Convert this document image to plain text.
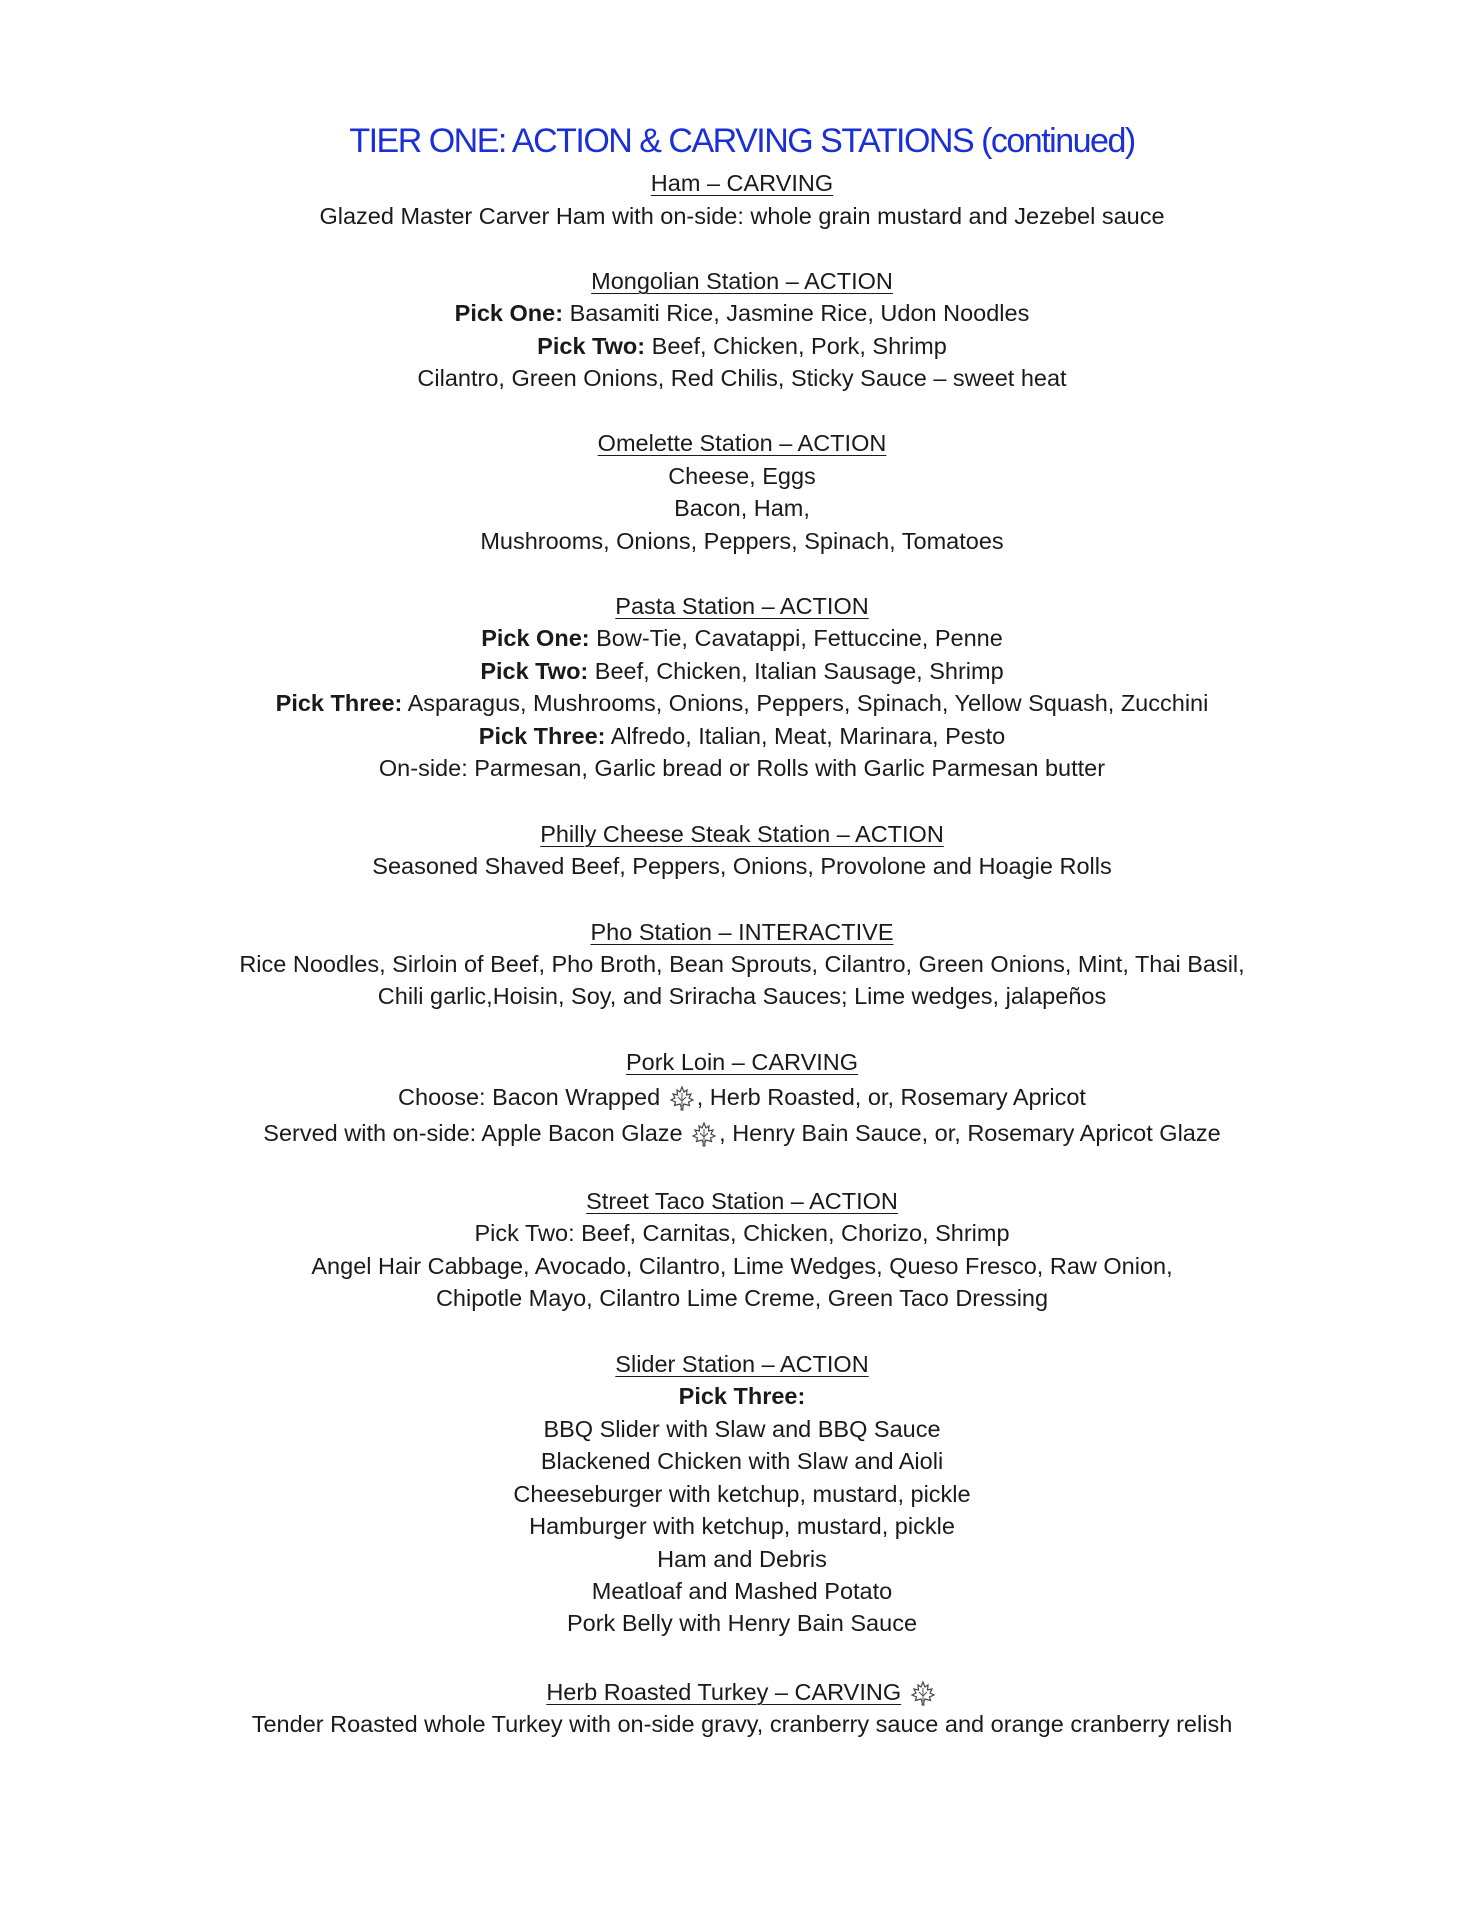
TIER ONE: ACTION & CARVING STATIONS (continued)
Ham – CARVING
Glazed Master Carver Ham with on-side: whole grain mustard and Jezebel sauce
Mongolian Station – ACTION
Pick One: Basamiti Rice, Jasmine Rice, Udon Noodles
Pick Two: Beef, Chicken, Pork, Shrimp
Cilantro, Green Onions, Red Chilis, Sticky Sauce – sweet heat
Omelette Station – ACTION
Cheese, Eggs
Bacon, Ham,
Mushrooms, Onions, Peppers, Spinach, Tomatoes
Pasta Station – ACTION
Pick One: Bow-Tie, Cavatappi, Fettuccine, Penne
Pick Two: Beef, Chicken, Italian Sausage, Shrimp
Pick Three: Asparagus, Mushrooms, Onions, Peppers, Spinach, Yellow Squash, Zucchini
Pick Three: Alfredo, Italian, Meat, Marinara, Pesto
On-side: Parmesan, Garlic bread or Rolls with Garlic Parmesan butter
Philly Cheese Steak Station – ACTION
Seasoned Shaved Beef, Peppers, Onions, Provolone and Hoagie Rolls
Pho Station – INTERACTIVE
Rice Noodles, Sirloin of Beef, Pho Broth, Bean Sprouts, Cilantro, Green Onions, Mint, Thai Basil,
Chili garlic,Hoisin, Soy, and Sriracha Sauces; Lime wedges, jalapeños
Pork Loin – CARVING
Choose: Bacon Wrapped , Herb Roasted, or, Rosemary Apricot
Served with on-side: Apple Bacon Glaze , Henry Bain Sauce, or, Rosemary Apricot Glaze
Street Taco Station – ACTION
Pick Two: Beef, Carnitas, Chicken, Chorizo, Shrimp
Angel Hair Cabbage, Avocado, Cilantro, Lime Wedges, Queso Fresco, Raw Onion,
Chipotle Mayo, Cilantro Lime Creme, Green Taco Dressing
Slider Station – ACTION
Pick Three:
BBQ Slider with Slaw and BBQ Sauce
Blackened Chicken with Slaw and Aioli
Cheeseburger with ketchup, mustard, pickle
Hamburger with ketchup, mustard, pickle
Ham and Debris
Meatloaf and Mashed Potato
Pork Belly with Henry Bain Sauce
Herb Roasted Turkey – CARVING
Tender Roasted whole Turkey with on-side gravy, cranberry sauce and orange cranberry relish
